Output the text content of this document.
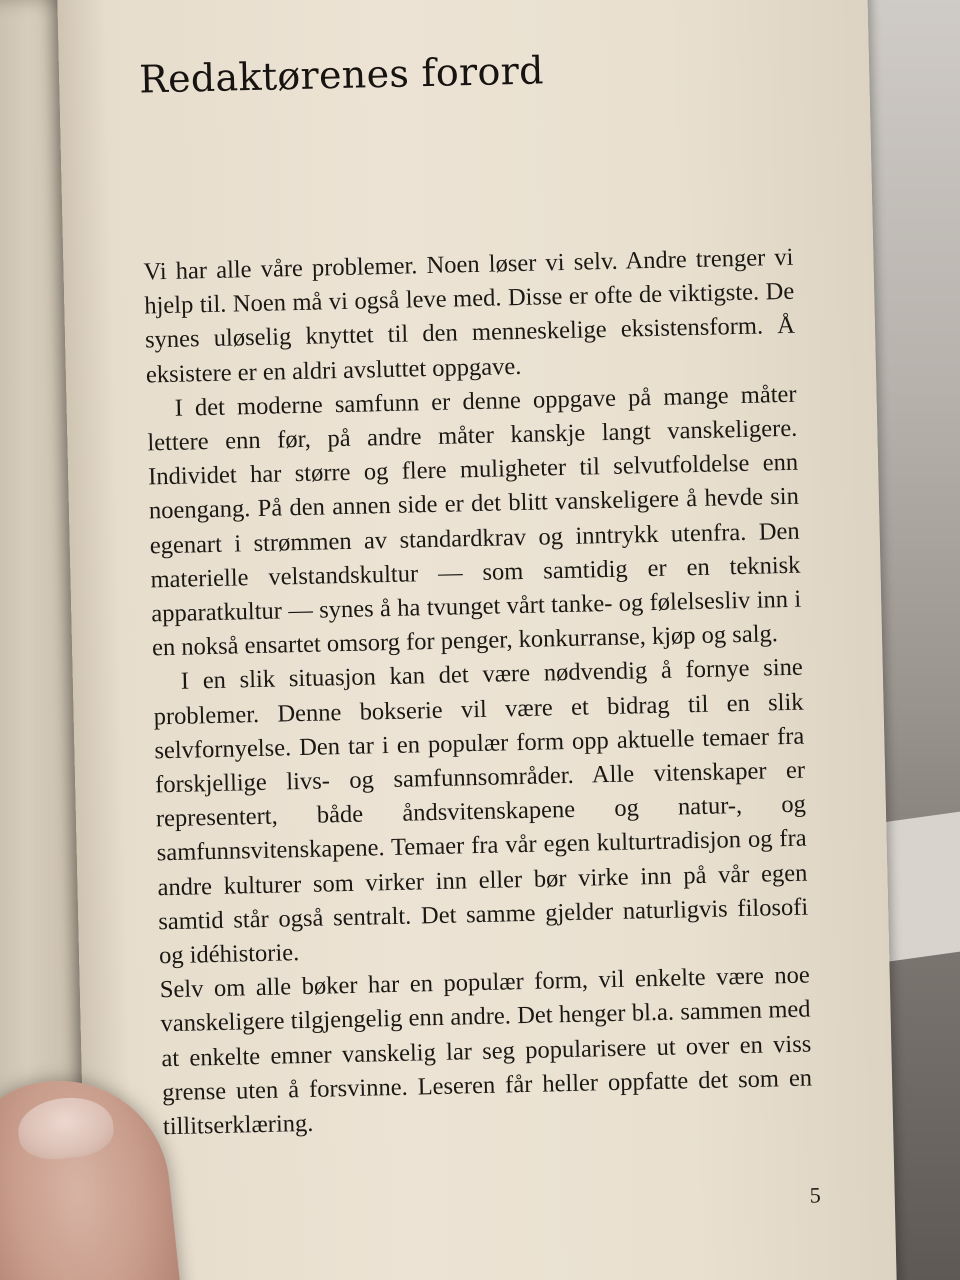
Redaktørenes forord

Vi har alle våre problemer. Noen løser vi selv. Andre trenger vi hjelp til. Noen må vi også leve med. Disse er ofte de viktigste. De synes uløselig knyttet til den menneskelige eksistensform. Å eksistere er en aldri avsluttet oppgave.

I det moderne samfunn er denne oppgave på mange måter lettere enn før, på andre måter kanskje langt vanskeligere. Individet har større og flere muligheter til selvutfoldelse enn noengang. På den annen side er det blitt vanskeligere å hevde sin egenart i strømmen av standardkrav og inntrykk utenfra. Den materielle velstandskultur — som samtidig er en teknisk apparatkultur — synes å ha tvunget vårt tanke- og følelsesliv inn i en nokså ensartet omsorg for penger, konkurranse, kjøp og salg.

I en slik situasjon kan det være nødvendig å fornye sine problemer. Denne bokserie vil være et bidrag til en slik selvfornyelse. Den tar i en populær form opp aktuelle temaer fra forskjellige livs- og samfunnsområder. Alle vitenskaper er representert, både åndsvitenskapene og natur-, og samfunnsvitenskapene. Temaer fra vår egen kulturtradisjon og fra andre kulturer som virker inn eller bør virke inn på vår egen samtid står også sentralt. Det samme gjelder naturligvis filosofi og idéhistorie.

Selv om alle bøker har en populær form, vil enkelte være noe vanskeligere tilgjengelig enn andre. Det henger bl.a. sammen med at enkelte emner vanskelig lar seg popularisere ut over en viss grense uten å forsvinne. Leseren får heller oppfatte det som en tillitserklæring.

5
